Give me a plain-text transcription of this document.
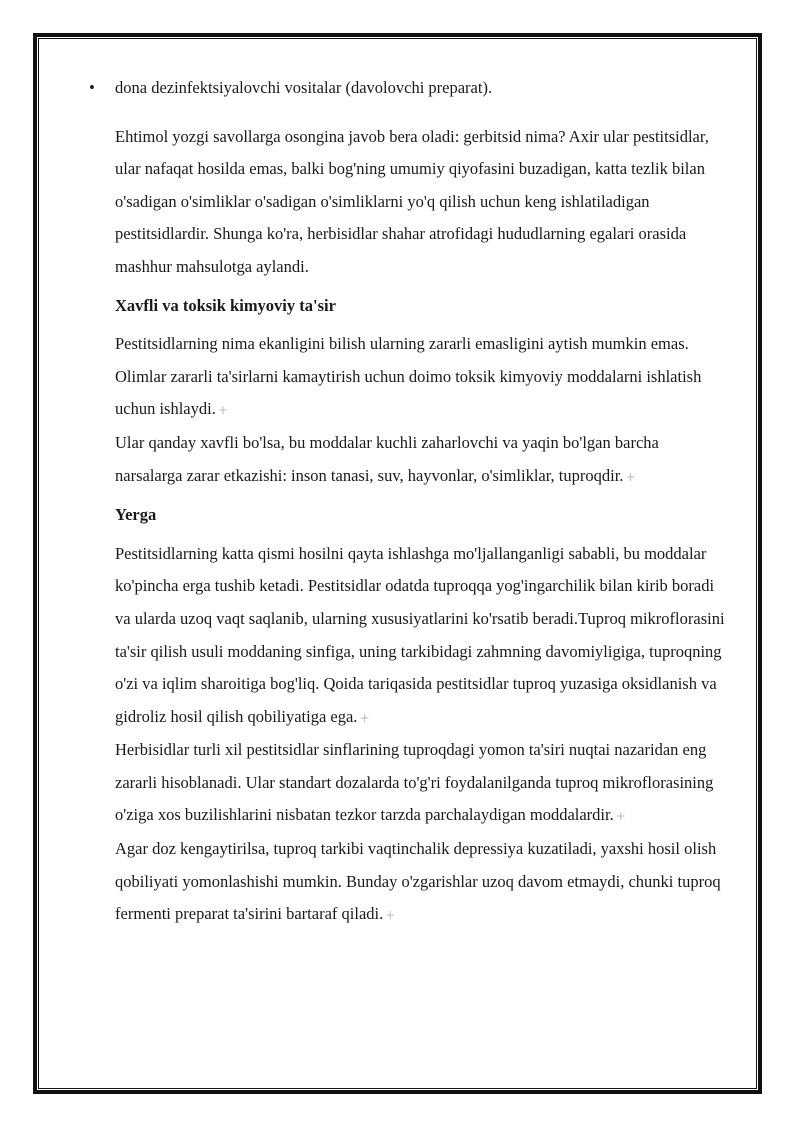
• dona dezinfektsiyalovchi vositalar (davolovchi preparat).

Ehtimol yozgi savollarga osongina javob bera oladi: gerbitsid nima? Axir ular pestitsidlar, ular nafaqat hosilda emas, balki bog'ning umumiy qiyofasini buzadigan, katta tezlik bilan o'sadigan o'simliklar o'sadigan o'simliklarni yo'q qilish uchun keng ishlatiladigan pestitsidlardir. Shunga ko'ra, herbisidlar shahar atrofidagi hududlarning egalari orasida mashhur mahsulotga aylandi.

Xavfli va toksik kimyoviy ta'sir

Pestitsidlarning nima ekanligini bilish ularning zararli emasligini aytish mumkin emas. Olimlar zararli ta'sirlarni kamaytirish uchun doimo toksik kimyoviy moddalarni ishlatish uchun ishlaydi. +

Ular qanday xavfli bo'lsa, bu moddalar kuchli zaharlovchi va yaqin bo'lgan barcha narsalarga zarar etkazishi: inson tanasi, suv, hayvonlar, o'simliklar, tuproqdir. +

Yerga

Pestitsidlarning katta qismi hosilni qayta ishlashga mo'ljallanganligi sababli, bu moddalar ko'pincha erga tushib ketadi. Pestitsidlar odatda tuproqqa yog'ingarchilik bilan kirib boradi va ularda uzoq vaqt saqlanib, ularning xususiyatlarini ko'rsatib beradi.Tuproq mikroflorasini ta'sir qilish usuli moddaning sinfiga, uning tarkibidagi zahmning davomiyligiga, tuproqning o'zi va iqlim sharoitiga bog'liq. Qoida tariqasida pestitsidlar tuproq yuzasiga oksidlanish va gidroliz hosil qilish qobiliyatiga ega. +

Herbisidlar turli xil pestitsidlar sinflarining tuproqdagi yomon ta'siri nuqtai nazaridan eng zararli hisoblanadi. Ular standart dozalarda to'g'ri foydalanilganda tuproq mikroflorasining o'ziga xos buzilishlarini nisbatan tezkor tarzda parchalaydigan moddalardir. +

Agar doz kengaytirilsa, tuproq tarkibi vaqtinchalik depressiya kuzatiladi, yaxshi hosil olish qobiliyati yomonlashishi mumkin. Bunday o'zgarishlar uzoq davom etmaydi, chunki tuproq fermenti preparat ta'sirini bartaraf qiladi. +
